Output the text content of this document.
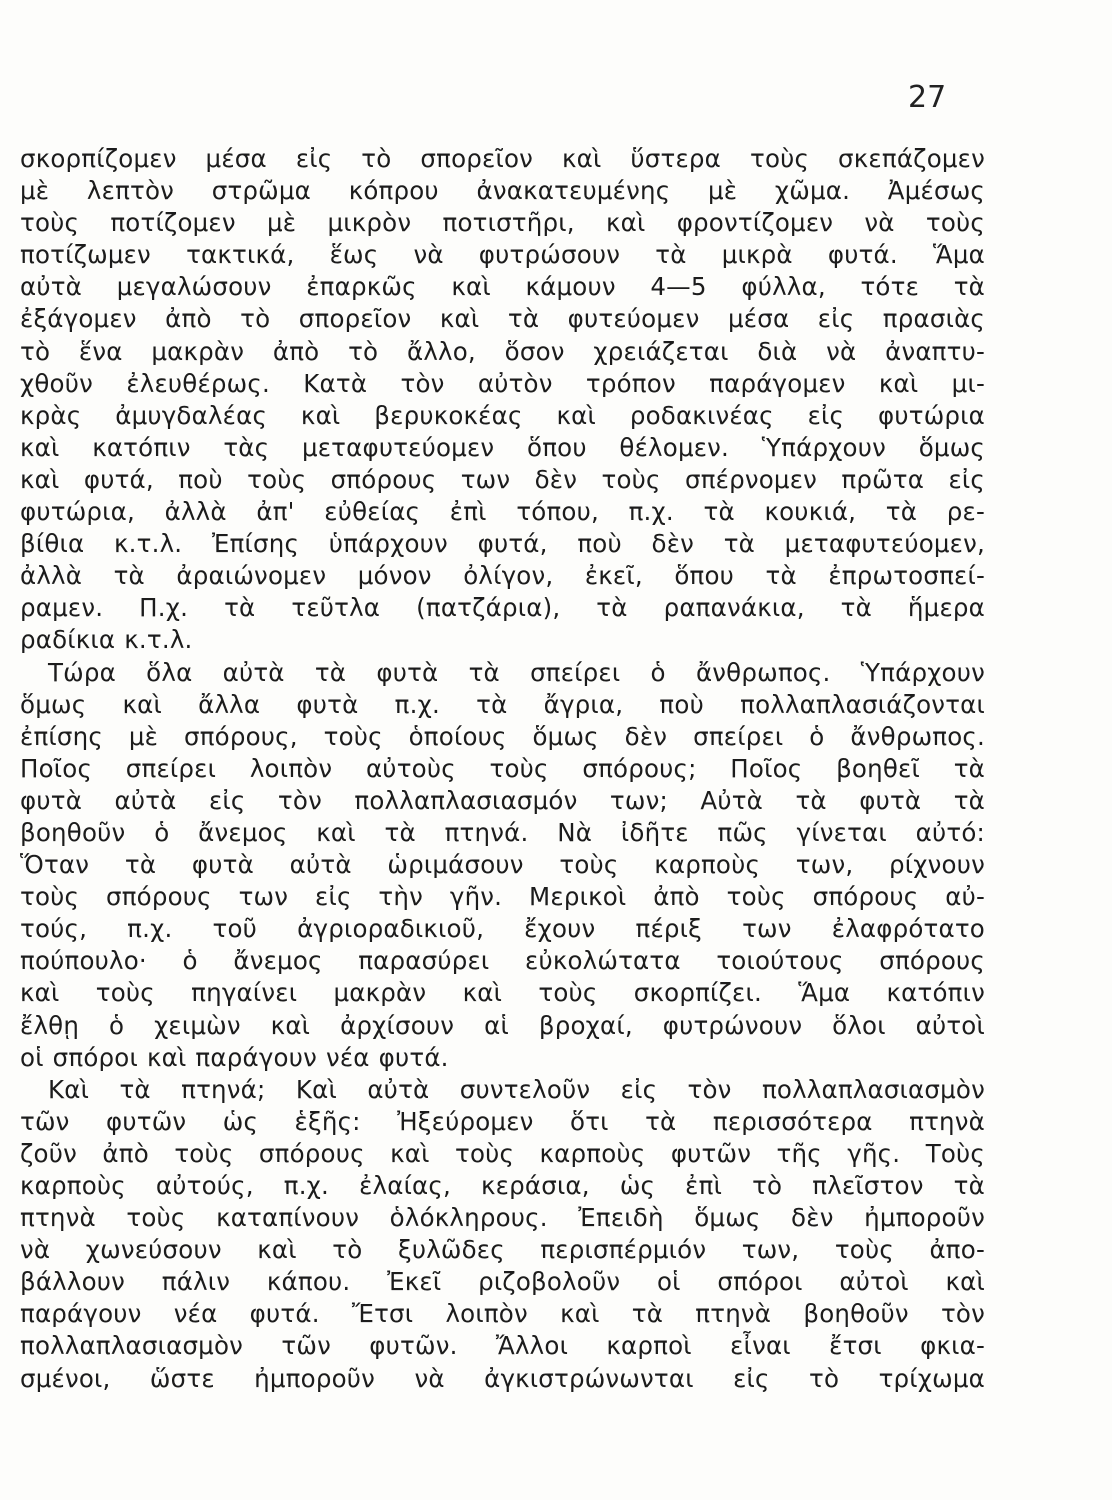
27
σκορπίζομεν μέσα εἰς τὸ σπορεῖον καὶ ὕστερα τοὺς σκεπάζομεν
μὲ λεπτὸν στρῶμα κόπρου ἀνακατευμένης μὲ χῶμα. Ἀμέσως
τοὺς ποτίζομεν μὲ μικρὸν ποτιστῆρι, καὶ φροντίζομεν νὰ τοὺς
ποτίζωμεν τακτικά, ἕως νὰ φυτρώσουν τὰ μικρὰ φυτά. Ἅμα
αὐτὰ μεγαλώσουν ἐπαρκῶς καὶ κάμουν 4—5 φύλλα, τότε τὰ
ἐξάγομεν ἀπὸ τὸ σπορεῖον καὶ τὰ φυτεύομεν μέσα εἰς πρασιὰς
τὸ ἕνα μακρὰν ἀπὸ τὸ ἄλλο, ὅσον χρειάζεται διὰ νὰ ἀναπτυ-
χθοῦν ἐλευθέρως. Κατὰ τὸν αὐτὸν τρόπον παράγομεν καὶ μι-
κρὰς ἀμυγδαλέας καὶ βερυκοκέας καὶ ροδακινέας εἰς φυτώρια
καὶ κατόπιν τὰς μεταφυτεύομεν ὅπου θέλομεν. Ὑπάρχουν ὅμως
καὶ φυτά, ποὺ τοὺς σπόρους των δὲν τοὺς σπέρνομεν πρῶτα εἰς
φυτώρια, ἀλλὰ ἀπ' εὐθείας ἐπὶ τόπου, π.χ. τὰ κουκιά, τὰ ρε-
βίθια κ.τ.λ. Ἐπίσης ὑπάρχουν φυτά, ποὺ δὲν τὰ μεταφυτεύομεν,
ἀλλὰ τὰ ἀραιώνομεν μόνον ὀλίγον, ἐκεῖ, ὅπου τὰ ἐπρωτοσπεί-
ραμεν. Π.χ. τὰ τεῦτλα (πατζάρια), τὰ ραπανάκια, τὰ ἥμερα
ραδίκια κ.τ.λ.
Τώρα ὅλα αὐτὰ τὰ φυτὰ τὰ σπείρει ὁ ἄνθρωπος. Ὑπάρχουν
ὅμως καὶ ἄλλα φυτὰ π.χ. τὰ ἄγρια, ποὺ πολλαπλασιάζονται
ἐπίσης μὲ σπόρους, τοὺς ὁποίους ὅμως δὲν σπείρει ὁ ἄνθρωπος.
Ποῖος σπείρει λοιπὸν αὐτοὺς τοὺς σπόρους; Ποῖος βοηθεῖ τὰ
φυτὰ αὐτὰ εἰς τὸν πολλαπλασιασμόν των; Αὐτὰ τὰ φυτὰ τὰ
βοηθοῦν ὁ ἄνεμος καὶ τὰ πτηνά. Νὰ ἰδῆτε πῶς γίνεται αὐτό:
Ὅταν τὰ φυτὰ αὐτὰ ὡριμάσουν τοὺς καρποὺς των, ρίχνουν
τοὺς σπόρους των εἰς τὴν γῆν. Μερικοὶ ἀπὸ τοὺς σπόρους αὐ-
τούς, π.χ. τοῦ ἀγριοραδικιοῦ, ἔχουν πέριξ των ἐλαφρότατο
πούπουλο· ὁ ἄνεμος παρασύρει εὐκολώτατα τοιούτους σπόρους
καὶ τοὺς πηγαίνει μακρὰν καὶ τοὺς σκορπίζει. Ἅμα κατόπιν
ἔλθῃ ὁ χειμὼν καὶ ἀρχίσουν αἱ βροχαί, φυτρώνουν ὅλοι αὐτοὶ
οἱ σπόροι καὶ παράγουν νέα φυτά.
Καὶ τὰ πτηνά; Καὶ αὐτὰ συντελοῦν εἰς τὸν πολλαπλασιασμὸν
τῶν φυτῶν ὡς ἑξῆς: Ἠξεύρομεν ὅτι τὰ περισσότερα πτηνὰ
ζοῦν ἀπὸ τοὺς σπόρους καὶ τοὺς καρποὺς φυτῶν τῆς γῆς. Τοὺς
καρποὺς αὐτούς, π.χ. ἐλαίας, κεράσια, ὡς ἐπὶ τὸ πλεῖστον τὰ
πτηνὰ τοὺς καταπίνουν ὁλόκληρους. Ἐπειδὴ ὅμως δὲν ἠμποροῦν
νὰ χωνεύσουν καὶ τὸ ξυλῶδες περισπέρμιόν των, τοὺς ἀπο-
βάλλουν πάλιν κάπου. Ἐκεῖ ριζοβολοῦν οἱ σπόροι αὐτοὶ καὶ
παράγουν νέα φυτά. Ἔτσι λοιπὸν καὶ τὰ πτηνὰ βοηθοῦν τὸν
πολλαπλασιασμὸν τῶν φυτῶν. Ἄλλοι καρποὶ εἶναι ἔτσι φκια-
σμένοι, ὥστε ἠμποροῦν νὰ ἀγκιστρώνωνται εἰς τὸ τρίχωμα
